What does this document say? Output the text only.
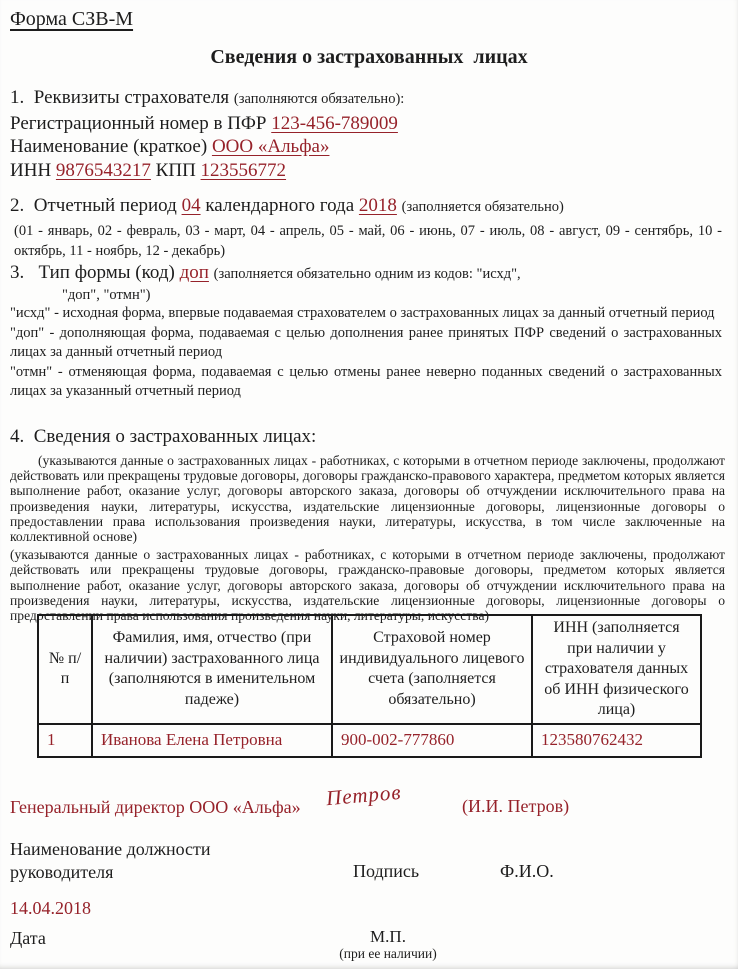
Форма СЗВ-М
Сведения о застрахованных  лицах
1.  Реквизиты страхователя (заполняются обязательно):
Регистрационный номер в ПФР 123-456-789009
Наименование (краткое) ООО «Альфа»
ИНН 9876543217 КПП 123556772
2.  Отчетный период 04 календарного года 2018 (заполняется обязательно)
(01 - январь, 02 - февраль, 03 - март, 04 - апрель, 05 - май, 06 - июнь, 07 - июль, 08 - август, 09 - сентябрь, 10 - октябрь, 11 - ноябрь, 12 - декабрь)
3.   Тип формы (код) доп (заполняется обязательно одним из кодов: "исхд",
"доп", "отмн")

"исхд" - исходная форма, впервые подаваемая страхователем о застрахованных лицах за данный отчетный период

"доп" - дополняющая форма, подаваемая с целью дополнения ранее принятых ПФР сведений о застрахованных лицах за данный отчетный период

"отмн" - отменяющая форма, подаваемая с целью отмены ранее неверно поданных сведений о застрахованных лицах за указанный отчетный период

4.  Сведения о застрахованных лицах:

(указываются данные о застрахованных лицах - работниках, с которыми в отчетном периоде заключены, продолжают действовать или прекращены трудовые договоры, договоры гражданско-правового характера, предметом которых является выполнение работ, оказание услуг, договоры авторского заказа, договоры об отчуждении исключительного права на произведения науки, литературы, искусства, издательские лицензионные договоры, лицензионные договоры о предоставлении права использования произведения науки, литературы, искусства, в том числе заключенные на коллективной основе)

(указываются данные о застрахованных лицах - работниках, с которыми в отчетном периоде заключены, продолжают действовать или прекращены трудовые договоры, гражданско-правовые договоры, предметом которых является выполнение работ, оказание услуг, договоры авторского заказа, договоры об отчуждении исключительного права на произведения науки, литературы, искусства, издательские лицензионные договоры, лицензионные договоры о предоставлении права использования произведения науки, литературы, искусства)

№ п/п	Фамилия, имя, отчество (при наличии) застрахованного лица (заполняются в именительном падеже)	Страховой номер индивидуального лицевого счета (заполняется обязательно)	ИНН (заполняется при наличии у страхователя данных об ИНН физического лица)
1	Иванова Елена Петровна	900-002-777860	123580762432
Генеральный директор ООО «Альфа» Петров	(И.И. Петров)
Наименование должности
руководителя	Подпись	Ф.И.О.
14.04.2018
Дата	М.П.
(при ее наличии)
